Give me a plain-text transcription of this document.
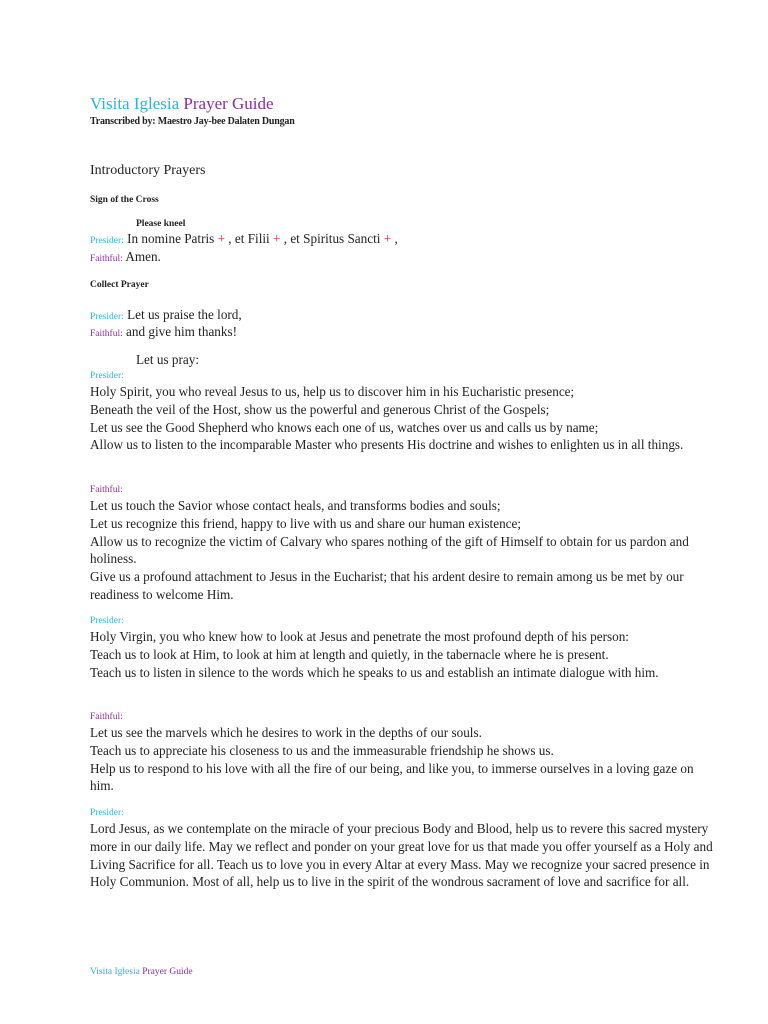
Visita Iglesia Prayer Guide
Transcribed by: Maestro Jay-bee Dalaten Dungan
Introductory Prayers
Sign of the Cross
Please kneel
Presider: In nomine Patris + , et Filii + , et Spiritus Sancti + ,
Faithful: Amen.
Collect Prayer
Presider: Let us praise the lord,
Faithful: and give him thanks!
Let us pray:
Presider:

Holy Spirit, you who reveal Jesus to us, help us to discover him in his Eucharistic presence;

Beneath the veil of the Host, show us the powerful and generous Christ of the Gospels;

Let us see the Good Shepherd who knows each one of us, watches over us and calls us by name;

Allow us to listen to the incomparable Master who presents His doctrine and wishes to enlighten us in all things.

Faithful:

Let us touch the Savior whose contact heals, and transforms bodies and souls;

Let us recognize this friend, happy to live with us and share our human existence;

Allow us to recognize the victim of Calvary who spares nothing of the gift of Himself to obtain for us pardon and holiness.

Give us a profound attachment to Jesus in the Eucharist; that his ardent desire to remain among us be met by our readiness to welcome Him.

Presider:

Holy Virgin, you who knew how to look at Jesus and penetrate the most profound depth of his person:

Teach us to look at Him, to look at him at length and quietly, in the tabernacle where he is present.

Teach us to listen in silence to the words which he speaks to us and establish an intimate dialogue with him.

Faithful:

Let us see the marvels which he desires to work in the depths of our souls.

Teach us to appreciate his closeness to us and the immeasurable friendship he shows us.

Help us to respond to his love with all the fire of our being, and like you, to immerse ourselves in a loving gaze on him.

Presider:

Lord Jesus, as we contemplate on the miracle of your precious Body and Blood, help us to revere this sacred mystery more in our daily life. May we reflect and ponder on your great love for us that made you offer yourself as a Holy and Living Sacrifice for all. Teach us to love you in every Altar at every Mass. May we recognize your sacred presence in Holy Communion. Most of all, help us to live in the spirit of the wondrous sacrament of love and sacrifice for all.

Visita Iglesia Prayer Guide
